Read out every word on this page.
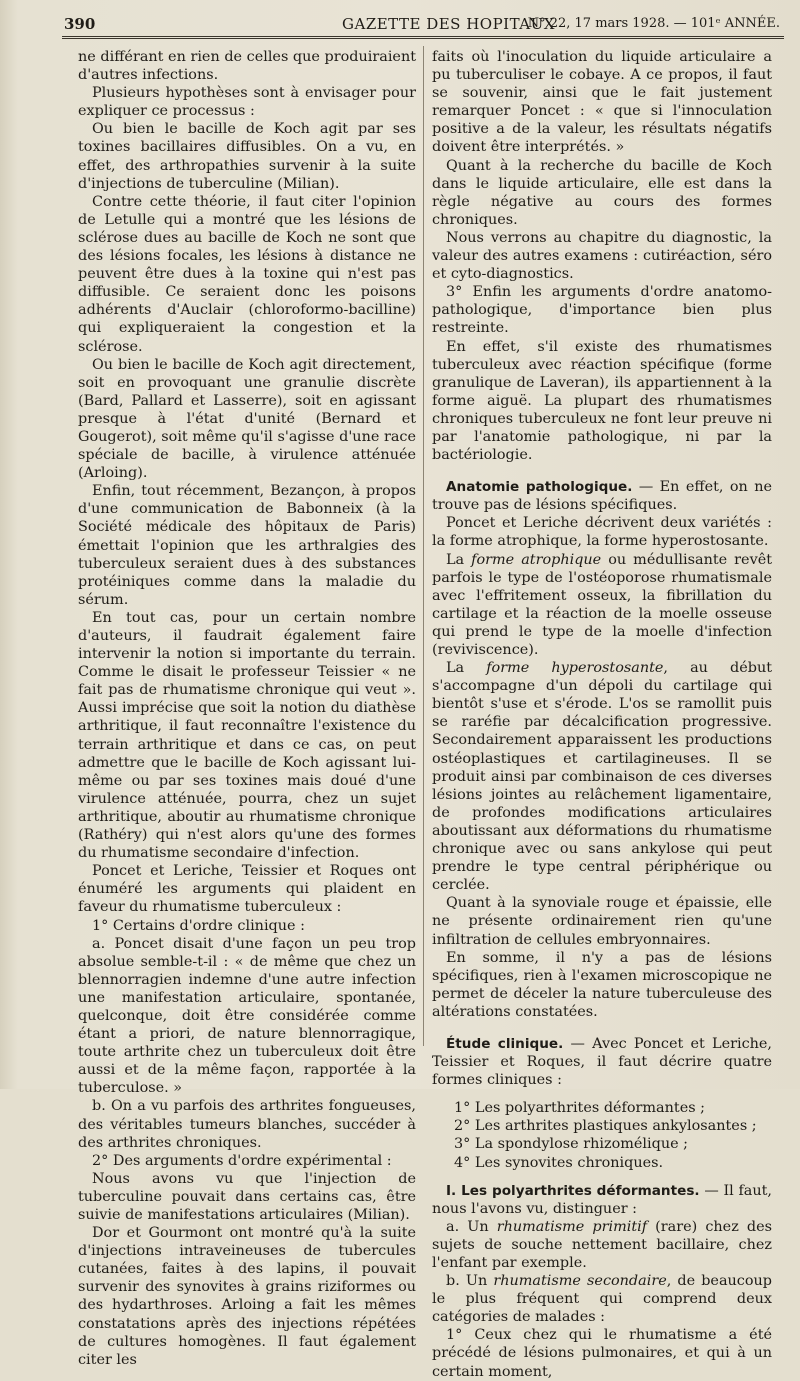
390	GAZETTE DES HOPITAUX
N° 22, 17 mars 1928. — 101ᵉ ANNÉE.

ne différant en rien de celles que produiraient d'autres infections.

Plusieurs hypothèses sont à envisager pour expliquer ce processus :

Ou bien le bacille de Koch agit par ses toxines bacillaires diffusibles. On a vu, en effet, des arthropathies survenir à la suite d'injections de tuberculine (Milian).

Contre cette théorie, il faut citer l'opinion de Letulle qui a montré que les lésions de sclérose dues au bacille de Koch ne sont que des lésions focales, les lésions à distance ne peuvent être dues à la toxine qui n'est pas diffusible. Ce seraient donc les poisons adhérents d'Auclair (chloroformo-bacilline) qui expliqueraient la congestion et la sclérose.

Ou bien le bacille de Koch agit directement, soit en provoquant une granulie discrète (Bard, Pallard et Lasserre), soit en agissant presque à l'état d'unité (Bernard et Gougerot), soit même qu'il s'agisse d'une race spéciale de bacille, à virulence atténuée (Arloing).

Enfin, tout récemment, Bezançon, à propos d'une communication de Babonneix (à la Société médicale des hôpitaux de Paris) émettait l'opinion que les arthralgies des tuberculeux seraient dues à des substances protéiniques comme dans la maladie du sérum.

En tout cas, pour un certain nombre d'auteurs, il faudrait également faire intervenir la notion si importante du terrain. Comme le disait le professeur Teissier « ne fait pas de rhumatisme chronique qui veut ». Aussi imprécise que soit la notion du diathèse arthritique, il faut reconnaître l'existence du terrain arthritique et dans ce cas, on peut admettre que le bacille de Koch agissant lui-même ou par ses toxines mais doué d'une virulence atténuée, pourra, chez un sujet arthritique, aboutir au rhumatisme chronique (Rathéry) qui n'est alors qu'une des formes du rhumatisme secondaire d'infection.

Poncet et Leriche, Teissier et Roques ont énuméré les arguments qui plaident en faveur du rhumatisme tuberculeux :

1° Certains d'ordre clinique :

a. Poncet disait d'une façon un peu trop absolue semble-t-il : « de même que chez un blennorragien indemne d'une autre infection une manifestation articulaire, spontanée, quelconque, doit être considérée comme étant a priori, de nature blennorragique, toute arthrite chez un tuberculeux doit être aussi et de la même façon, rapportée à la tuberculose. »

b. On a vu parfois des arthrites fongueuses, des véritables tumeurs blanches, succéder à des arthrites chroniques.

2° Des arguments d'ordre expérimental :

Nous avons vu que l'injection de tuberculine pouvait dans certains cas, être suivie de manifestations articulaires (Milian).

Dor et Gourmont ont montré qu'à la suite d'injections intraveineuses de tubercules cutanées, faites à des lapins, il pouvait survenir des synovites à grains riziformes ou des hydarthroses. Arloing a fait les mêmes constatations après des injections répétées de cultures homogènes. Il faut également citer les

faits où l'inoculation du liquide articulaire a pu tuberculiser le cobaye. A ce propos, il faut se souvenir, ainsi que le fait justement remarquer Poncet : « que si l'innoculation positive a de la valeur, les résultats négatifs doivent être interprétés. »

Quant à la recherche du bacille de Koch dans le liquide articulaire, elle est dans la règle négative au cours des formes chroniques.

Nous verrons au chapitre du diagnostic, la valeur des autres examens : cutiréaction, séro et cyto-diagnostics.

3° Enfin les arguments d'ordre anatomo-pathologique, d'importance bien plus restreinte.

En effet, s'il existe des rhumatismes tuberculeux avec réaction spécifique (forme granulique de Laveran), ils appartiennent à la forme aiguë. La plupart des rhumatismes chroniques tuberculeux ne font leur preuve ni par l'anatomie pathologique, ni par la bactériologie.

Anatomie pathologique. — En effet, on ne trouve pas de lésions spécifiques.

Poncet et Leriche décrivent deux variétés : la forme atrophique, la forme hyperostosante.

La forme atrophique ou médullisante revêt parfois le type de l'ostéoporose rhumatismale avec l'effritement osseux, la fibrillation du cartilage et la réaction de la moelle osseuse qui prend le type de la moelle d'infection (reviviscence).

La forme hyperostosante, au début s'accompagne d'un dépoli du cartilage qui bientôt s'use et s'érode. L'os se ramollit puis se raréfie par décalcification progressive. Secondairement apparaissent les productions ostéoplastiques et cartilagineuses. Il se produit ainsi par combinaison de ces diverses lésions jointes au relâchement ligamentaire, de profondes modifications articulaires aboutissant aux déformations du rhumatisme chronique avec ou sans ankylose qui peut prendre le type central périphérique ou cerclée.

Quant à la synoviale rouge et épaissie, elle ne présente ordinairement rien qu'une infiltration de cellules embryonnaires.

En somme, il n'y a pas de lésions spécifiques, rien à l'examen microscopique ne permet de déceler la nature tuberculeuse des altérations constatées.

Étude clinique. — Avec Poncet et Leriche, Teissier et Roques, il faut décrire quatre formes cliniques :

1° Les polyarthrites déformantes ;

2° Les arthrites plastiques ankylosantes ;

3° La spondylose rhizomélique ;

4° Les synovites chroniques.

I. Les polyarthrites déformantes. — Il faut, nous l'avons vu, distinguer :

a. Un rhumatisme primitif (rare) chez des sujets de souche nettement bacillaire, chez l'enfant par exemple.

b. Un rhumatisme secondaire, de beaucoup le plus fréquent qui comprend deux catégories de malades :

1° Ceux chez qui le rhumatisme a été précédé de lésions pulmonaires, et qui à un certain moment,
